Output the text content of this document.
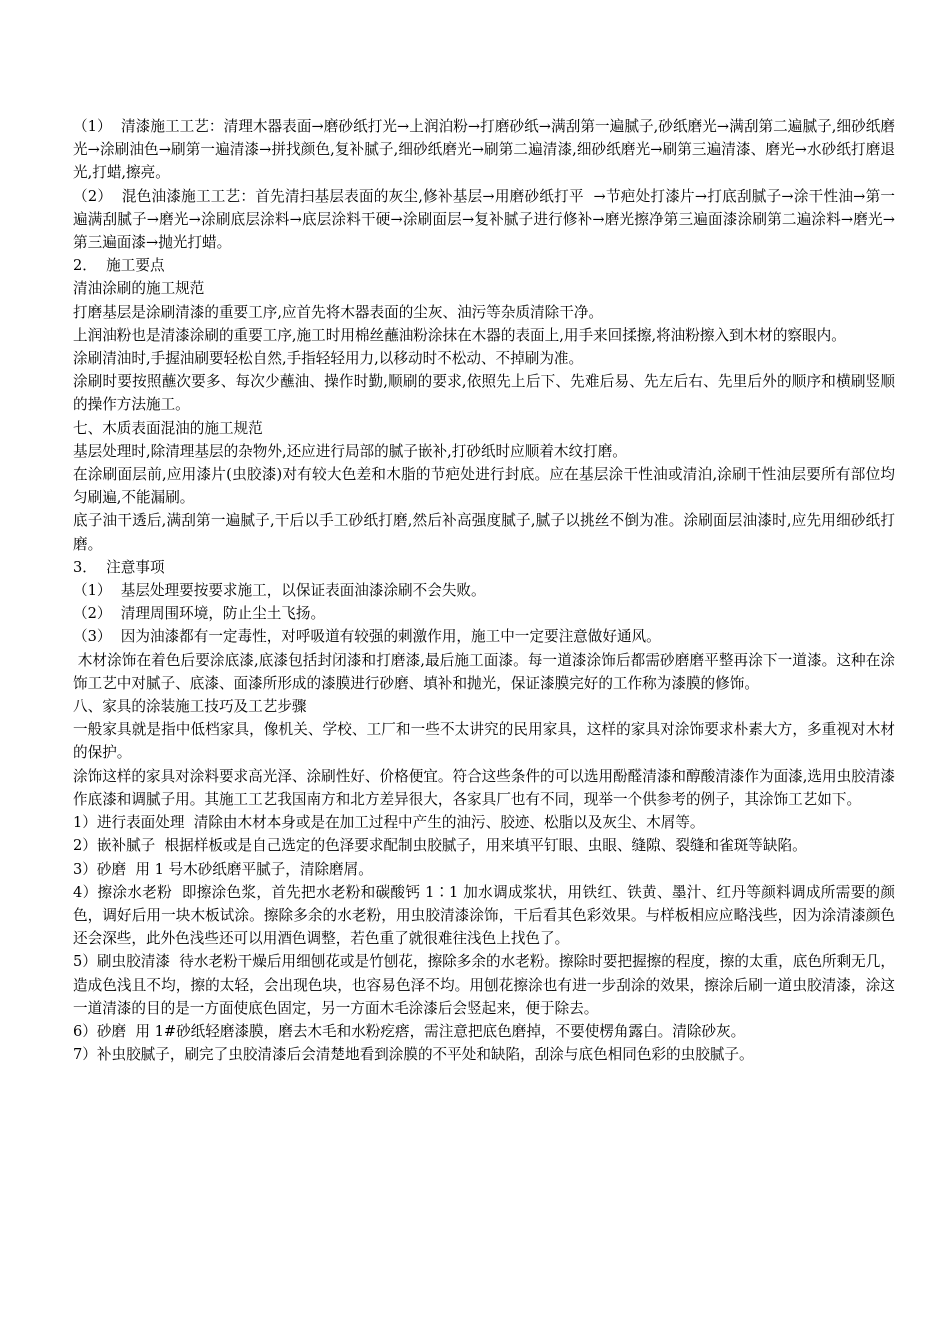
（1）  清漆施工工艺：清理木器表面→磨砂纸打光→上润泊粉→打磨砂纸→满刮第一遍腻子,砂纸磨光→满刮第二遍腻子,细砂纸磨光→涂刷油色→刷第一遍清漆→拼找颜色,复补腻子,细砂纸磨光→刷第二遍清漆,细砂纸磨光→刷第三遍清漆、磨光→水砂纸打磨退光,打蜡,擦亮。

（2）  混色油漆施工工艺：首先清扫基层表面的灰尘,修补基层→用磨砂纸打平  →节疤处打漆片→打底刮腻子→涂干性油→第一遍满刮腻子→磨光→涂刷底层涂料→底层涂料干硬→涂刷面层→复补腻子进行修补→磨光擦净第三遍面漆涂刷第二遍涂料→磨光→第三遍面漆→抛光打蜡。

2．  施工要点

清油涂刷的施工规范

打磨基层是涂刷清漆的重要工序,应首先将木器表面的尘灰、油污等杂质清除干净。

上润油粉也是清漆涂刷的重要工序,施工时用棉丝蘸油粉涂抹在木器的表面上,用手来回揉擦,将油粉擦入到木材的察眼内。

涂刷清油时,手握油刷要轻松自然,手指轻轻用力,以移动时不松动、不掉刷为准。

涂刷时要按照蘸次要多、每次少蘸油、操作时勤,顺刷的要求,依照先上后下、先难后易、先左后右、先里后外的顺序和横刷竖顺的操作方法施工。

七、木质表面混油的施工规范

基层处理时,除清理基层的杂物外,还应进行局部的腻子嵌补,打砂纸时应顺着木纹打磨。

在涂刷面层前,应用漆片(虫胶漆)对有较大色差和木脂的节疤处进行封底。应在基层涂干性油或清泊,涂刷干性油层要所有部位均匀刷遍,不能漏刷。

底子油干透后,满刮第一遍腻子,干后以手工砂纸打磨,然后补高强度腻子,腻子以挑丝不倒为准。涂刷面层油漆时,应先用细砂纸打磨。

3．  注意事项

（1）  基层处理要按要求施工，以保证表面油漆涂刷不会失败。

（2）  清理周围环境，防止尘土飞扬。

（3）  因为油漆都有一定毒性，对呼吸道有较强的刺激作用，施工中一定要注意做好通风。

木材涂饰在着色后要涂底漆,底漆包括封闭漆和打磨漆,最后施工面漆。每一道漆涂饰后都需砂磨磨平整再涂下一道漆。这种在涂饰工艺中对腻子、底漆、面漆所形成的漆膜进行砂磨、填补和抛光，保证漆膜完好的工作称为漆膜的修饰。

八、家具的涂装施工技巧及工艺步骤

一般家具就是指中低档家具，像机关、学校、工厂和一些不太讲究的民用家具，这样的家具对涂饰要求朴素大方，多重视对木材的保护。

涂饰这样的家具对涂料要求高光泽、涂刷性好、价格便宜。符合这些条件的可以选用酚醛清漆和醇酸清漆作为面漆,选用虫胶清漆作底漆和调腻子用。其施工工艺我国南方和北方差异很大，各家具厂也有不同，现举一个供参考的例子，其涂饰工艺如下。

1）进行表面处理  清除由木材本身或是在加工过程中产生的油污、胶迹、松脂以及灰尘、木屑等。

2）嵌补腻子  根据样板或是自己选定的色泽要求配制虫胶腻子，用来填平钉眼、虫眼、缝隙、裂缝和雀斑等缺陷。

3）砂磨  用 1 号木砂纸磨平腻子，清除磨屑。

4）擦涂水老粉  即擦涂色浆，首先把水老粉和碳酸钙 1∶1 加水调成浆状，用铁红、铁黄、墨汁、红丹等颜料调成所需要的颜色，调好后用一块木板试涂。擦除多余的水老粉，用虫胶清漆涂饰，干后看其色彩效果。与样板相应应略浅些，因为涂清漆颜色还会深些，此外色浅些还可以用酒色调整，若色重了就很难往浅色上找色了。

5）刷虫胶清漆  待水老粉干燥后用细刨花或是竹刨花，擦除多余的水老粉。擦除时要把握擦的程度，擦的太重，底色所剩无几，造成色浅且不均，擦的太轻，会出现色块，也容易色泽不均。用刨花擦涂也有进一步刮涂的效果，擦涂后刷一道虫胶清漆，涂这一道清漆的目的是一方面使底色固定，另一方面木毛涂漆后会竖起来，便于除去。

6）砂磨  用 1#砂纸轻磨漆膜，磨去木毛和水粉疙瘩，需注意把底色磨掉，不要使楞角露白。清除砂灰。

7）补虫胶腻子，刷完了虫胶清漆后会清楚地看到涂膜的不平处和缺陷，刮涂与底色相同色彩的虫胶腻子。
